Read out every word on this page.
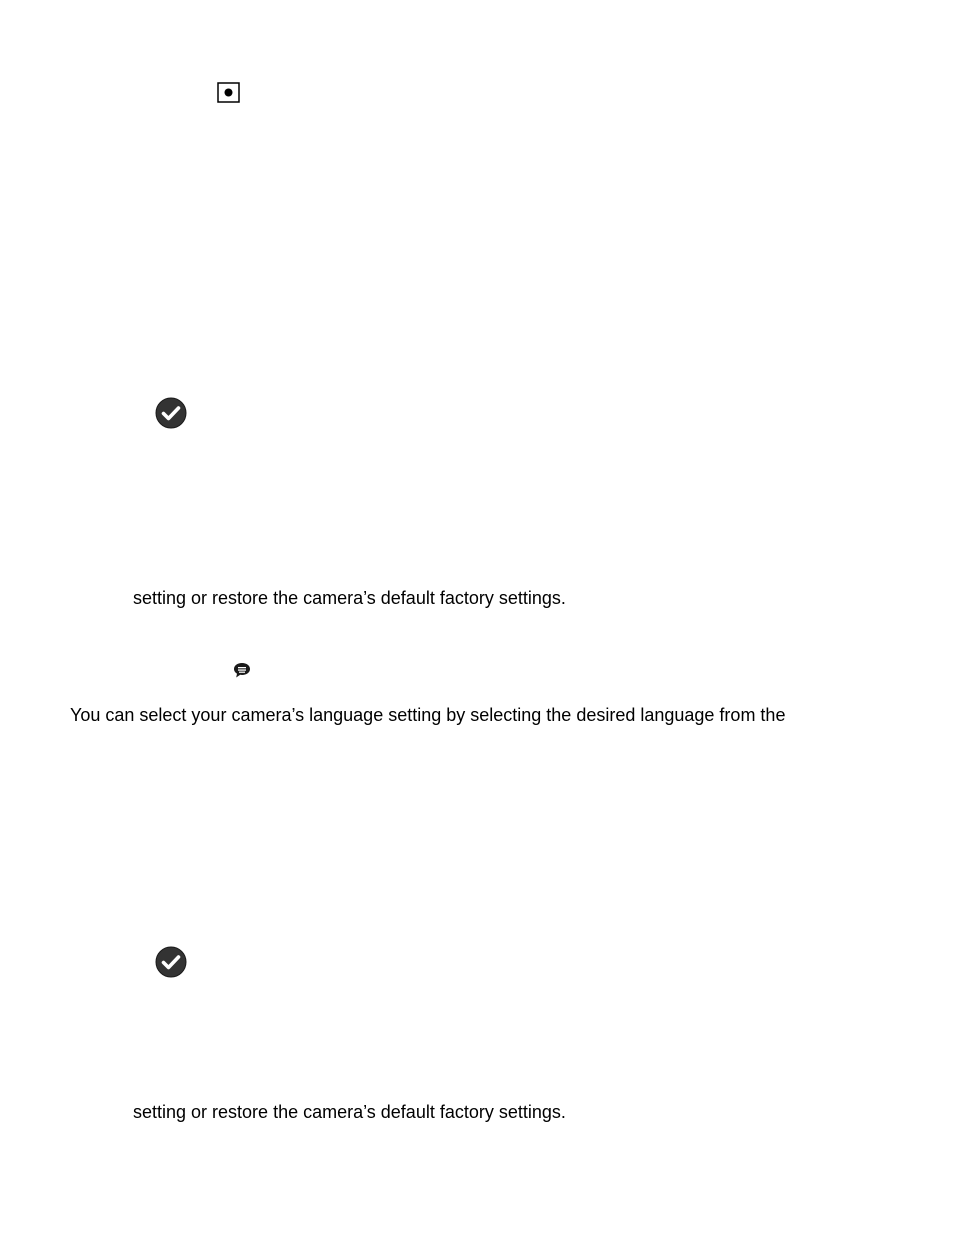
setting or restore the camera’s default factory settings.
You can select your camera’s language setting by selecting the desired language from the
setting or restore the camera’s default factory settings.
